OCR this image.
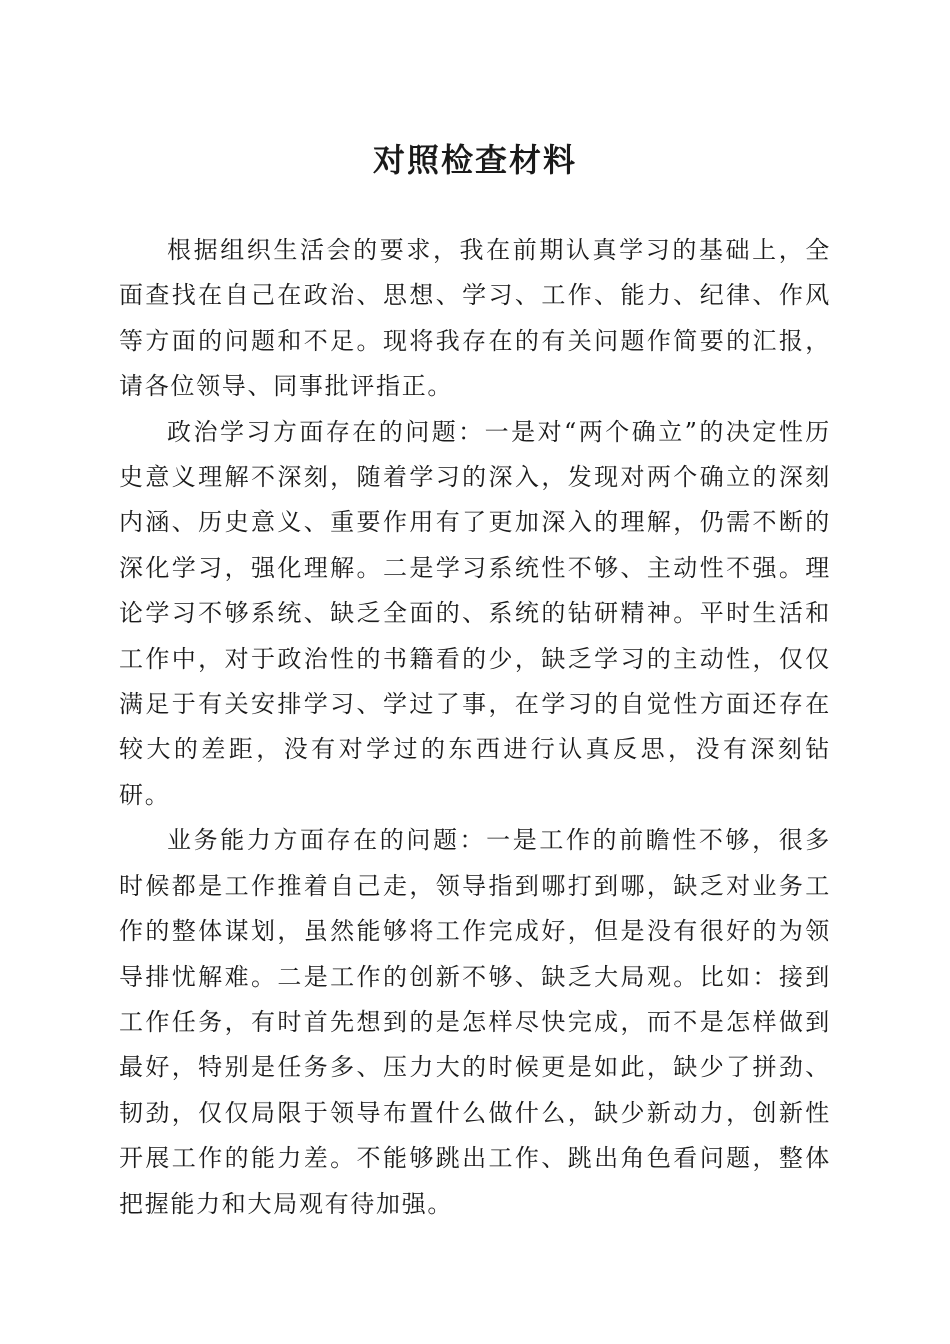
对照检查材料

根据组织生活会的要求，我在前期认真学习的基础上，全面查找在自己在政治、思想、学习、工作、能力、纪律、作风等方面的问题和不足。现将我存在的有关问题作简要的汇报，请各位领导、同事批评指正。

政治学习方面存在的问题：一是对“两个确立”的决定性历史意义理解不深刻，随着学习的深入，发现对两个确立的深刻内涵、历史意义、重要作用有了更加深入的理解，仍需不断的深化学习，强化理解。二是学习系统性不够、主动性不强。理论学习不够系统、缺乏全面的、系统的钻研精神。平时生活和工作中，对于政治性的书籍看的少，缺乏学习的主动性，仅仅满足于有关安排学习、学过了事，在学习的自觉性方面还存在较大的差距，没有对学过的东西进行认真反思，没有深刻钻研。

业务能力方面存在的问题：一是工作的前瞻性不够，很多时候都是工作推着自己走，领导指到哪打到哪，缺乏对业务工作的整体谋划，虽然能够将工作完成好，但是没有很好的为领导排忧解难。二是工作的创新不够、缺乏大局观。比如：接到工作任务，有时首先想到的是怎样尽快完成，而不是怎样做到最好，特别是任务多、压力大的时候更是如此，缺少了拼劲、韧劲，仅仅局限于领导布置什么做什么，缺少新动力，创新性开展工作的能力差。不能够跳出工作、跳出角色看问题，整体把握能力和大局观有待加强。
